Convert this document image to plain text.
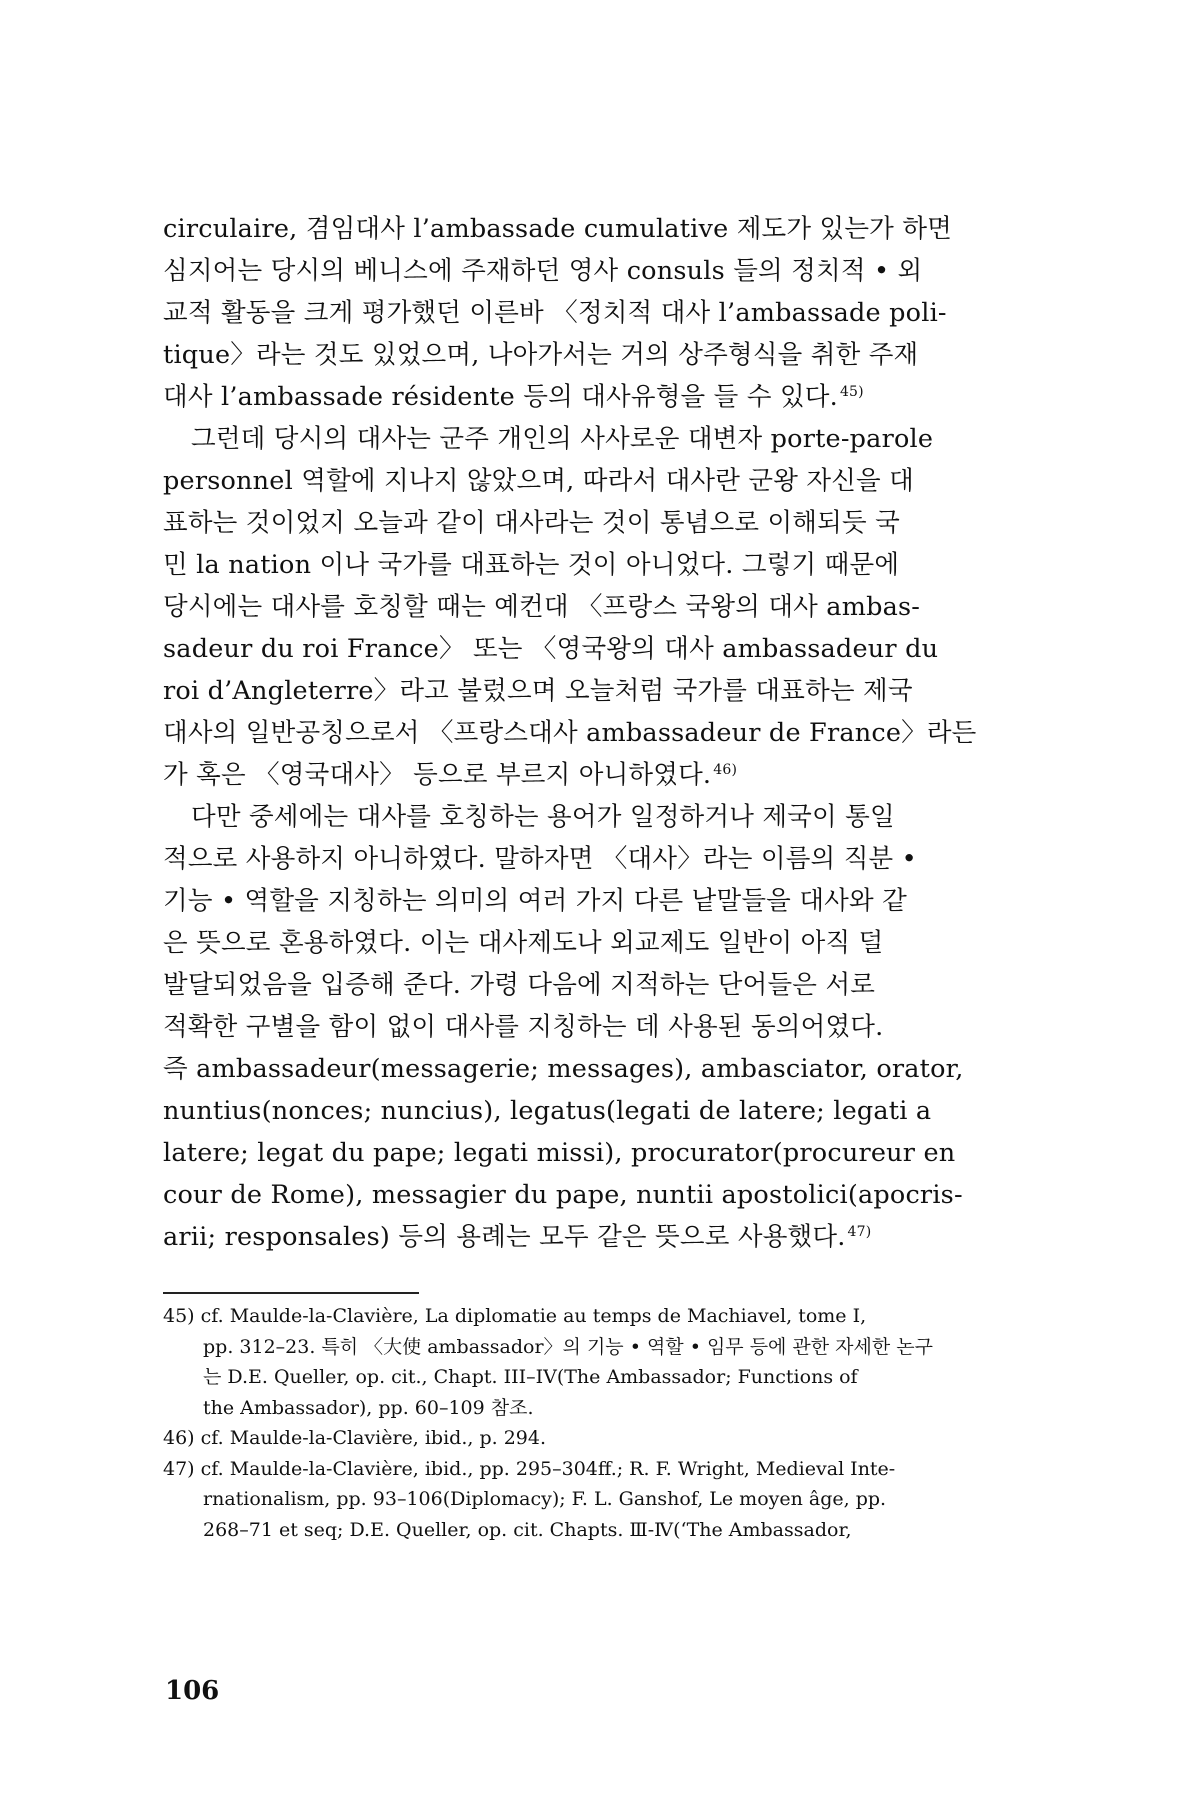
circulaire, 겸임대사 l’ambassade cumulative 제도가 있는가 하면
심지어는 당시의 베니스에 주재하던 영사 consuls 들의 정치적 • 외
교적 활동을 크게 평가했던 이른바 〈정치적 대사 l’ambassade poli-
tique〉라는 것도 있었으며, 나아가서는 거의 상주형식을 취한 주재
대사 l’ambassade résidente 등의 대사유형을 들 수 있다. $^{45)}$
그런데 당시의 대사는 군주 개인의 사사로운 대변자 porte-parole
personnel 역할에 지나지 않았으며, 따라서 대사란 군왕 자신을 대
표하는 것이었지 오늘과 같이 대사라는 것이 통념으로 이해되듯 국
민 la nation 이나 국가를 대표하는 것이 아니었다. 그렇기 때문에
당시에는 대사를 호칭할 때는 예컨대 〈프랑스 국왕의 대사 ambas-
sadeur du roi France〉 또는 〈영국왕의 대사 ambassadeur du
roi d’Angleterre〉라고 불렀으며 오늘처럼 국가를 대표하는 제국
대사의 일반공칭으로서 〈프랑스대사 ambassadeur de France〉라든
가 혹은 〈영국대사〉 등으로 부르지 아니하였다. $^{46)}$
다만 중세에는 대사를 호칭하는 용어가 일정하거나 제국이 통일
적으로 사용하지 아니하였다. 말하자면 〈대사〉라는 이름의 직분 •
기능 • 역할을 지칭하는 의미의 여러 가지 다른 낱말들을 대사와 같
은 뜻으로 혼용하였다. 이는 대사제도나 외교제도 일반이 아직 덜
발달되었음을 입증해 준다. 가령 다음에 지적하는 단어들은 서로
적확한 구별을 함이 없이 대사를 지칭하는 데 사용된 동의어였다.
즉 ambassadeur(messagerie; messages), ambasciator, orator,
nuntius(nonces; nuncius), legatus(legati de latere; legati a
latere; legat du pape; legati missi), procurator(procureur en
cour de Rome), messagier du pape, nuntii apostolici(apocris-
arii; responsales) 등의 용례는 모두 같은 뜻으로 사용했다. $^{47)}$
45) cf. Maulde-la-Clavière, La diplomatie au temps de Machiavel, tome I,
pp. 312–23. 특히 〈大使 ambassador〉의 기능 • 역할 • 임무 등에 관한 자세한 논구
는 D.E. Queller, op. cit., Chapt. III–IV(The Ambassador; Functions of
the Ambassador), pp. 60–109 참조.
46) cf. Maulde-la-Clavière, ibid., p. 294.
47) cf. Maulde-la-Clavière, ibid., pp. 295–304ff.; R. F. Wright, Medieval Inte-
rnationalism, pp. 93–106(Diplomacy); F. L. Ganshof, Le moyen âge, pp.
268–71 et seq; D.E. Queller, op. cit. Chapts. Ⅲ-Ⅳ(‘The Ambassador,
106
